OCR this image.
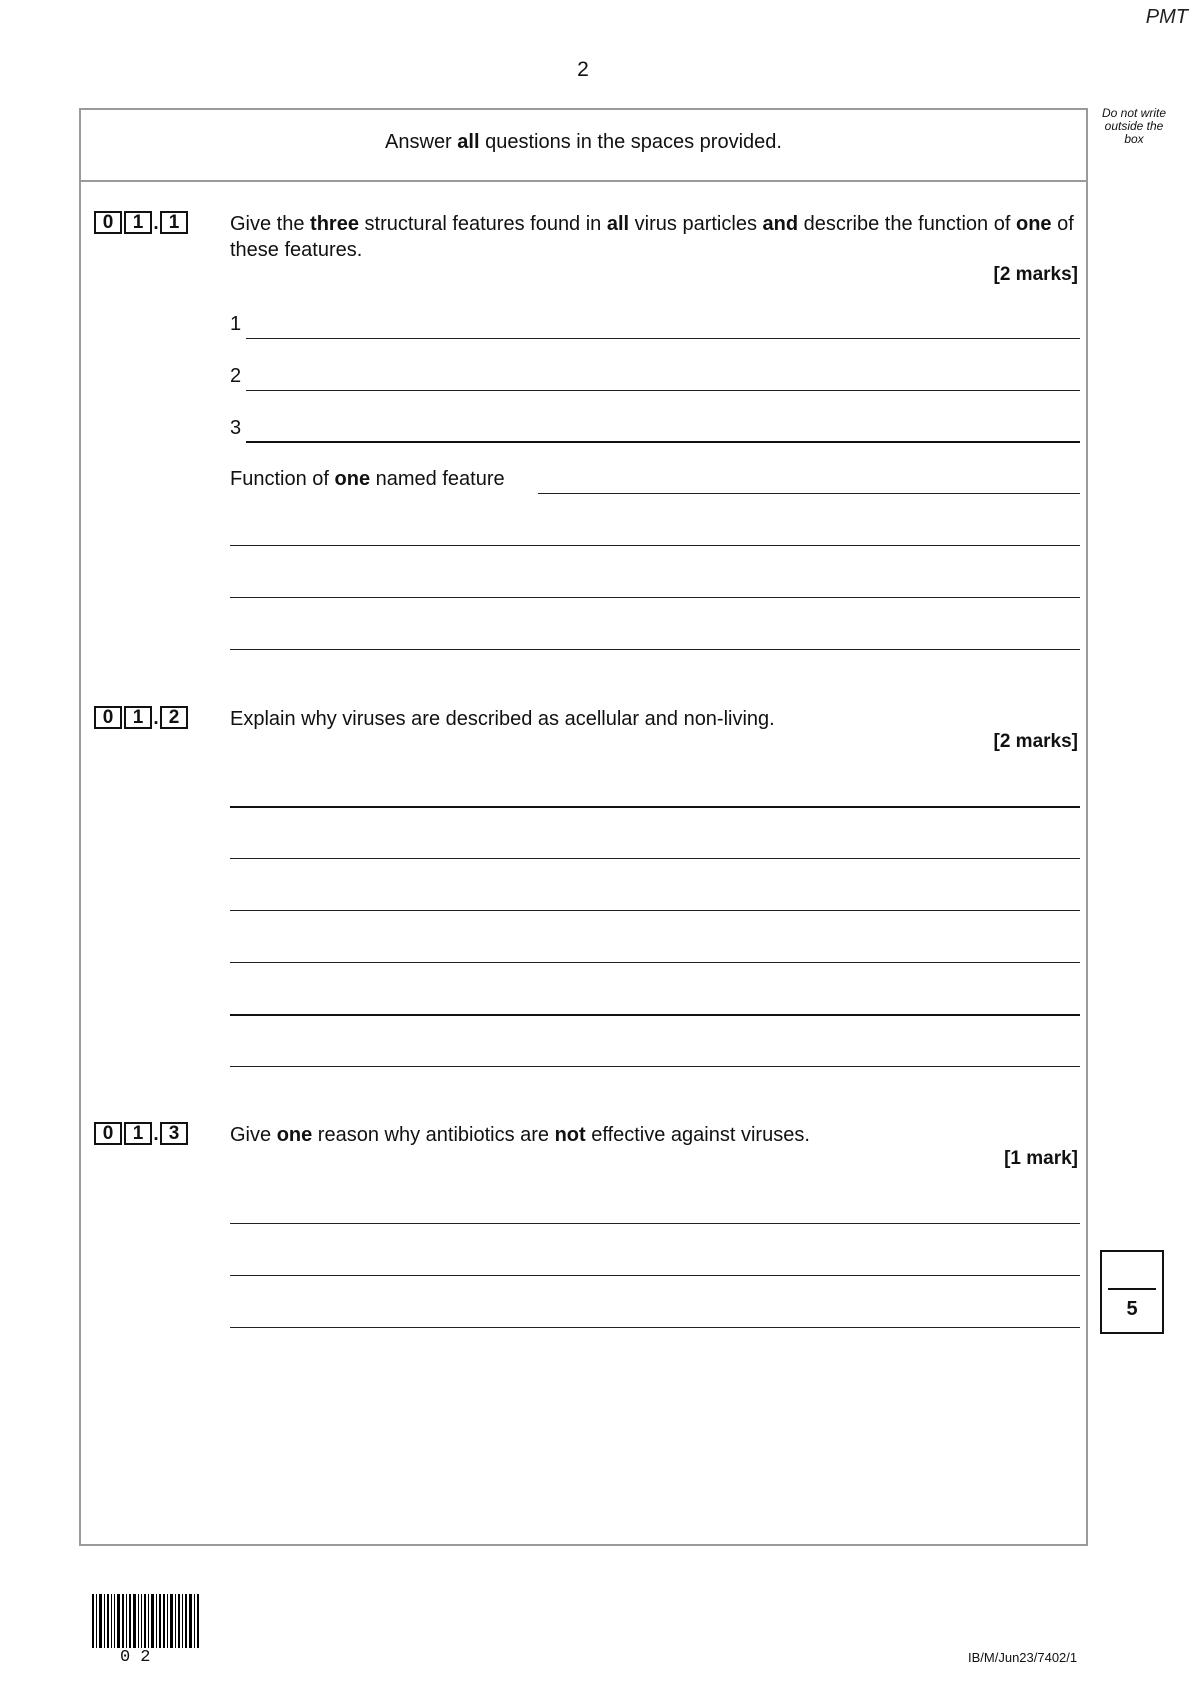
PMT
2
Do not write outside the box
Answer all questions in the spaces provided.
0	1 . 1	Give the three structural features found in all virus particles and describe the function of one of these features.
[2 marks]
1
2
3
Function of one named feature
0	1 . 2	Explain why viruses are described as acellular and non-living.
[2 marks]
0	1 . 3	Give one reason why antibiotics are not effective against viruses.
[1 mark]
5
02	IB/M/Jun23/7402/1
